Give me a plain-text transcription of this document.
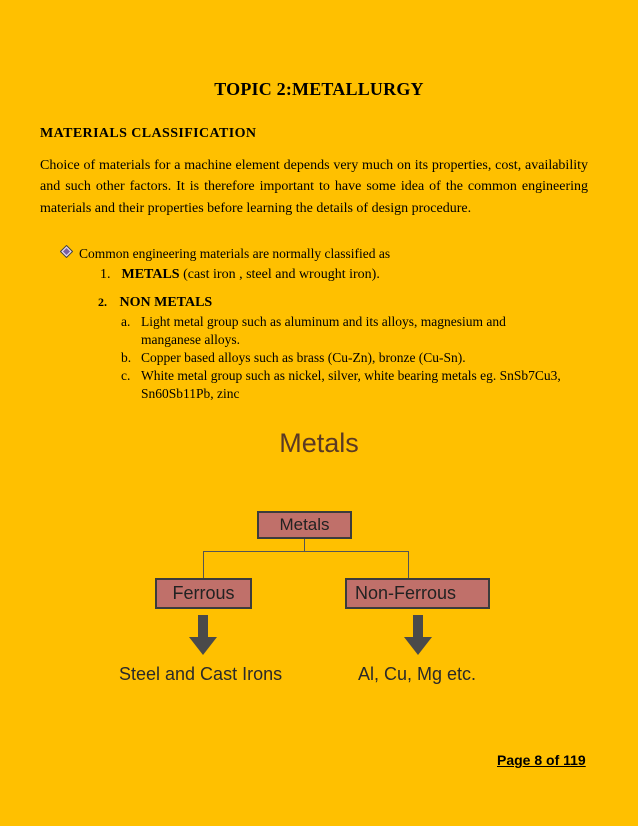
TOPIC 2:METALLURGY
MATERIALS CLASSIFICATION
Choice of materials for a machine element depends very much on its properties, cost, availability and such other factors. It is therefore important to have some idea of the common engineering materials and their properties before learning the details of design procedure.
Common engineering materials are normally classified as
1. METALS (cast iron , steel and wrought iron).
2. NON METALS
a. Light metal group such as aluminum and its alloys, magnesium and manganese alloys.
b. Copper based alloys such as brass (Cu-Zn), bronze (Cu-Sn).
c. White metal group such as nickel, silver, white bearing metals eg. SnSb7Cu3, Sn60Sb11Pb, zinc
Metals
Metals
Ferrous	Non-Ferrous
Steel and Cast Irons	Al, Cu, Mg etc.
Page 8 of 119
